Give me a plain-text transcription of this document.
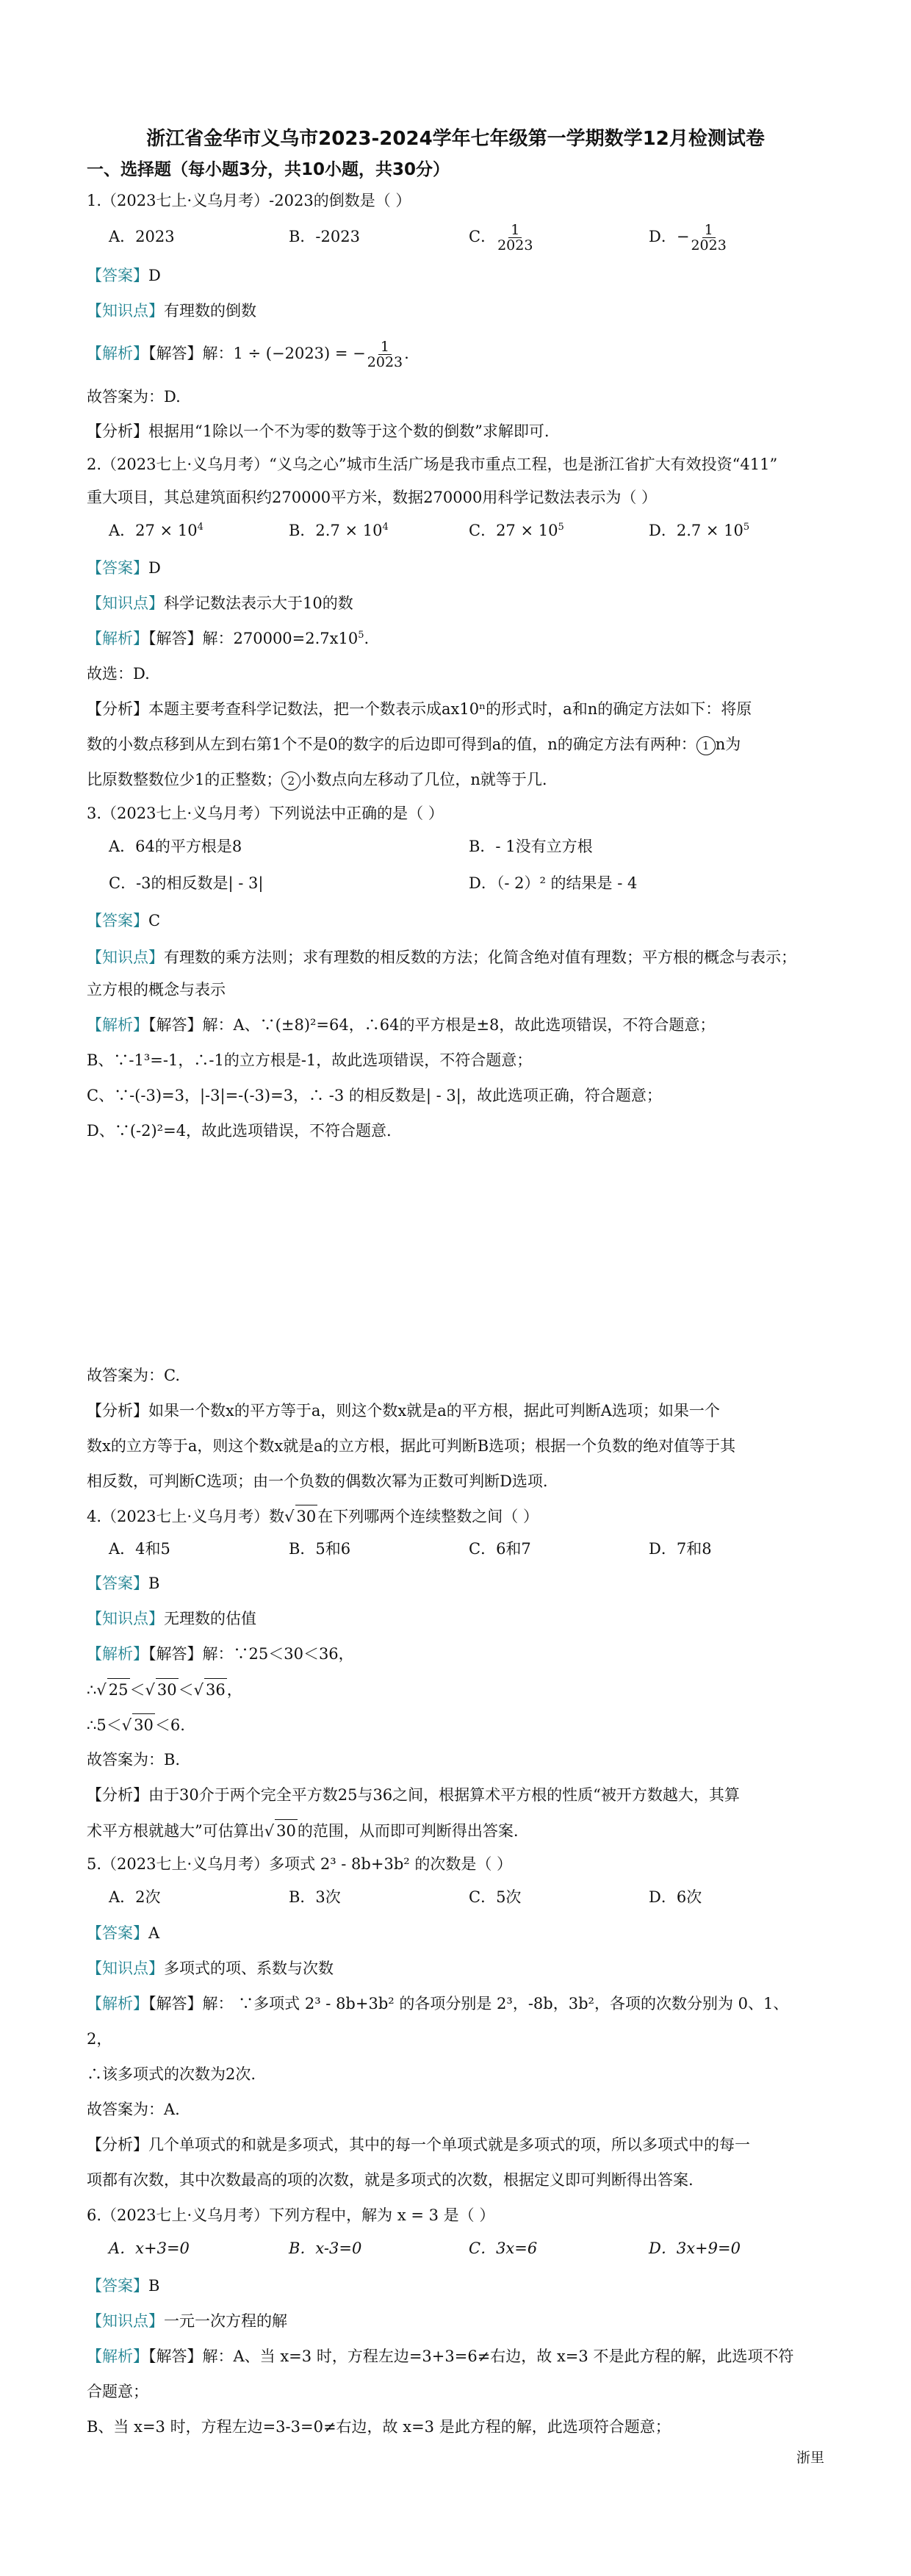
浙江省金华市义乌市2023-2024学年七年级第一学期数学12月检测试卷
一、选择题（每小题3分，共10小题，共30分）
1.（2023七上·义乌月考）-2023的倒数是（ ）
A．2023	B．-2023	C． $\frac{1}{2023}$	D．− $\frac{1}{2023}$
【答案】D
【知识点】有理数的倒数
【解析】【解答】解：1 ÷ (−2023) = − $\frac{1}{2023}$ .
故答案为：D.
【分析】根据用“1除以一个不为零的数等于这个数的倒数”求解即可.
2.（2023七上·义乌月考）“义乌之心”城市生活广场是我市重点工程，也是浙江省扩大有效投资“411”
重大项目，其总建筑面积约270000平方米，数据270000用科学记数法表示为（ ）
A．$27 \times 10^4$	B．$2.7 \times 10^4$	C．$27 \times 10^5$	D．$2.7 \times 10^5$
【答案】D
【知识点】科学记数法表示大于10的数
【解析】【解答】解：$270000=2.7x10^5$.
故选：D.
【分析】本题主要考查科学记数法，把一个数表示成ax10ⁿ的形式时，a和n的确定方法如下：将原
数的小数点移到从左到右第1个不是0的数字的后边即可得到a的值，n的确定方法有两种： 1 n为
比原数整数位少1的正整数； 2 小数点向左移动了几位，n就等于几.
3.（2023七上·义乌月考）下列说法中正确的是（ ）
A．64的平方根是8	B．- 1没有立方根
C．-3的相反数是| - 3|	D．（- 2）² 的结果是 - 4
【答案】C
【知识点】有理数的乘方法则；求有理数的相反数的方法；化简含绝对值有理数；平方根的概念与表示；
立方根的概念与表示
【解析】【解答】解：A、∵(±8)²=64，∴64的平方根是±8，故此选项错误，不符合题意；
B、∵-1³=-1，∴-1的立方根是-1，故此选项错误，不符合题意；
C、∵-(-3)=3，|-3|=-(-3)=3，∴ -3 的相反数是| - 3|，故此选项正确，符合题意；
D、∵(-2)²=4，故此选项错误，不符合题意.
故答案为：C.
【分析】如果一个数x的平方等于a，则这个数x就是a的平方根，据此可判断A选项；如果一个
数x的立方等于a，则这个数x就是a的立方根，据此可判断B选项；根据一个负数的绝对值等于其
相反数，可判断C选项；由一个负数的偶数次幂为正数可判断D选项.
4.（2023七上·义乌月考）数√ 30在下列哪两个连续整数之间（ ）
A．4和5	B．5和6	C．6和7	D．7和8
【答案】B
【知识点】无理数的估值
【解析】【解答】解：∵25＜30＜36，
∴√ 25＜√ 30＜√ 36，
∴5＜√ 30＜6.
故答案为：B.
【分析】由于30介于两个完全平方数25与36之间，根据算术平方根的性质“被开方数越大，其算
术平方根就越大”可估算出√ 30的范围，从而即可判断得出答案.
5.（2023七上·义乌月考）多项式 2³ - 8b+3b² 的次数是（ ）
A．2次	B．3次	C．5次	D．6次
【答案】A
【知识点】多项式的项、系数与次数
【解析】【解答】解： ∵多项式 2³ - 8b+3b² 的各项分别是 2³，-8b，3b²，各项的次数分别为 0、1、
2，
∴该多项式的次数为2次.
故答案为：A.
【分析】几个单项式的和就是多项式，其中的每一个单项式就是多项式的项，所以多项式中的每一
项都有次数，其中次数最高的项的次数，就是多项式的次数，根据定义即可判断得出答案.
6.（2023七上·义乌月考）下列方程中，解为 x = 3 是（ ）
A．x+3=0	B．x-3=0	C．3x=6	D．3x+9=0
【答案】B
【知识点】一元一次方程的解
【解析】【解答】解：A、当 x=3 时，方程左边=3+3=6≠右边，故 x=3 不是此方程的解，此选项不符
合题意；
B、当 x=3 时，方程左边=3-3=0≠右边，故 x=3 是此方程的解，此选项符合题意；
浙里
